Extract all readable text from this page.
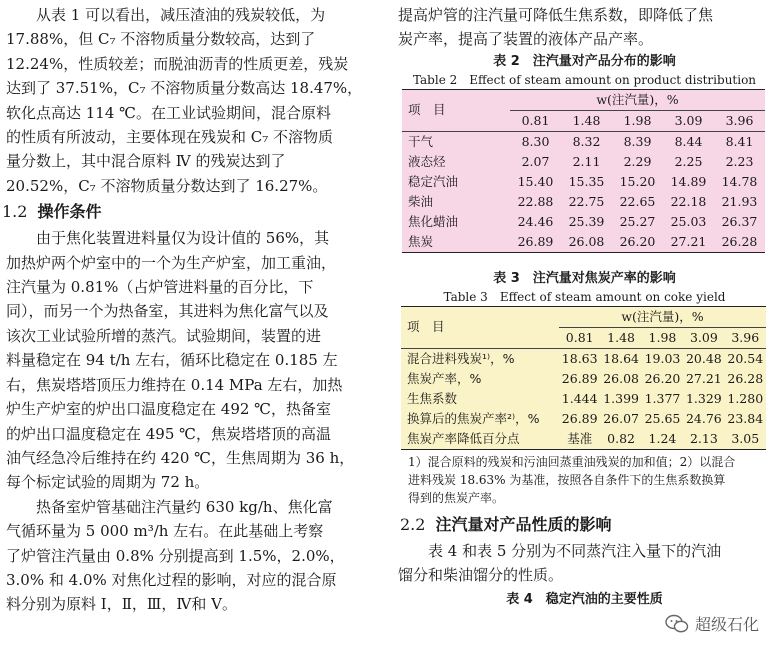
从表 1 可以看出，减压渣油的残炭较低，为
17.88%，但 C₇ 不溶物质量分数较高，达到了
12.24%，性质较差；而脱油沥青的性质更差，残炭
达到了 37.51%，C₇ 不溶物质量分数高达 18.47%，
软化点高达 114 ℃。在工业试验期间，混合原料
的性质有所波动，主要体现在残炭和 C₇ 不溶物质
量分数上，其中混合原料 Ⅳ 的残炭达到了
20.52%，C₇ 不溶物质量分数达到了 16.27%。

1.2 操作条件

由于焦化装置进料量仅为设计值的 56%，其
加热炉两个炉室中的一个为生产炉室，加工重油，
注汽量为 0.81%（占炉管进料量的百分比，下
同），而另一个为热备室，其进料为焦化富气以及
该次工业试验所增的蒸汽。试验期间，装置的进
料量稳定在 94 t/h 左右，循环比稳定在 0.185 左
右，焦炭塔塔顶压力维持在 0.14 MPa 左右，加热
炉生产炉室的炉出口温度稳定在 492 ℃，热备室
的炉出口温度稳定在 495 ℃，焦炭塔塔顶的高温
油气经急冷后维持在约 420 ℃，生焦周期为 36 h，
每个标定试验的周期为 72 h。

热备室炉管基础注汽量约 630 kg/h、焦化富
气循环量为 5 000 m³/h 左右。在此基础上考察
了炉管注汽量由 0.8% 分别提高到 1.5%，2.0%，
3.0% 和 4.0% 对焦化过程的影响，对应的混合原
料分别为原料 Ⅰ，Ⅱ，Ⅲ，Ⅳ和 Ⅴ。

提高炉管的注汽量可降低生焦系数，即降低了焦
炭产率，提高了装置的液体产品产率。

表 2　注汽量对产品分布的影响
Table 2　Effect of steam amount on product distribution
项　目	w(注汽量)，%				
	0.81	1.48	1.98	3.09	3.96
干气	8.30	8.32	8.39	8.44	8.41
液态烃	2.07	2.11	2.29	2.25	2.23
稳定汽油	15.40	15.35	15.20	14.89	14.78
柴油	22.88	22.75	22.65	22.18	21.93
焦化蜡油	24.46	25.39	25.27	25.03	26.37
焦炭	26.89	26.08	26.20	27.21	26.28
表 3　注汽量对焦炭产率的影响
Table 3　Effect of steam amount on coke yield
项　目	w(注汽量)，%				
	0.81	1.48	1.98	3.09	3.96
混合进料残炭¹⁾，%	18.63	18.64	19.03	20.48	20.54
焦炭产率，%	26.89	26.08	26.20	27.21	26.28
生焦系数	1.444	1.399	1.377	1.329	1.280
换算后的焦炭产率²⁾，%	26.89	26.07	25.65	24.76	23.84
焦炭产率降低百分点	基准	0.82	1.24	2.13	3.05
1）混合原料的残炭和污油回蒸重油残炭的加和值；2）以混合
进料残炭 18.63% 为基准，按照各自条件下的生焦系数换算
得到的焦炭产率。
2.2 注汽量对产品性质的影响

表 4 和表 5 分别为不同蒸汽注入量下的汽油
馏分和柴油馏分的性质。

表 4　稳定汽油的主要性质
超级石化
